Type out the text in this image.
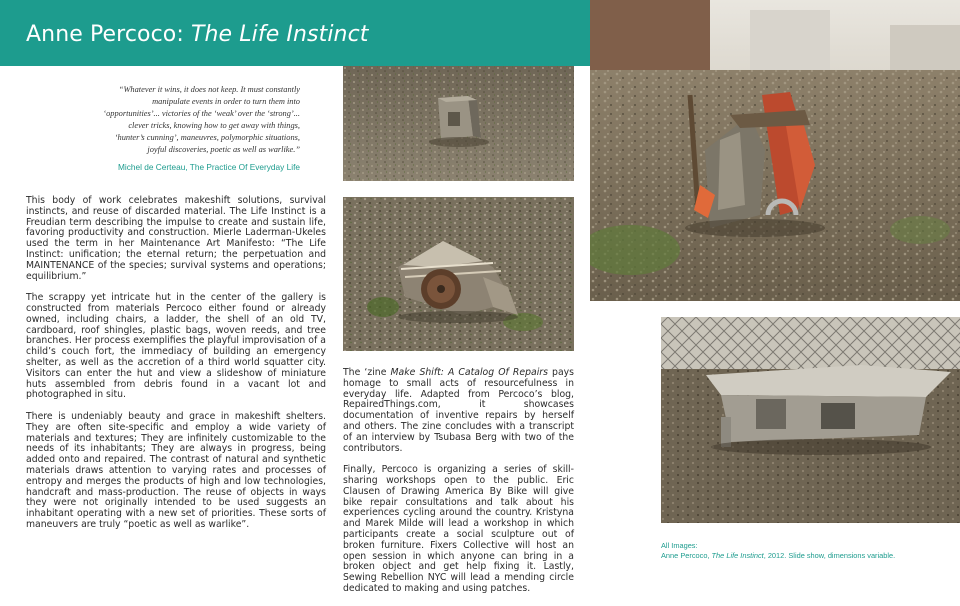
Anne Percoco: The Life Instinct
“Whatever it wins, it does not keep. It must constantly
manipulate events in order to turn them into
‘opportunities’... victories of the ‘weak’ over the ‘strong’...
clever tricks, knowing how to get away with things,
‘hunter’s cunning’, maneuvres, polymorphic situations,
joyful discoveries, poetic as well as warlike.”
Michel de Certeau, The Practice Of Everyday Life

This body of work celebrates makeshift solutions, survival instincts, and reuse of discarded material. The Life Instinct is a Freudian term describing the impulse to create and sustain life, favoring productivity and construction. Mierle Laderman-Ukeles used the term in her Maintenance Art Manifesto: “The Life Instinct: unification; the eternal return; the perpetuation and MAINTENANCE of the species; survival systems and operations; equilibrium.”

The scrappy yet intricate hut in the center of the gallery is constructed from materials Percoco either found or already owned, including chairs, a ladder, the shell of an old TV, cardboard, roof shingles, plastic bags, woven reeds, and tree branches. Her process exemplifies the playful improvisation of a child’s couch fort, the immediacy of building an emergency shelter, as well as the accretion of a third world squatter city. Visitors can enter the hut and view a slideshow of miniature huts assembled from debris found in a vacant lot and photographed in situ.

There is undeniably beauty and grace in makeshift shelters. They are often site-specific and employ a wide variety of materials and textures; They are infinitely customizable to the needs of its inhabitants; They are always in progress, being added onto and repaired. The contrast of natural and synthetic materials draws attention to varying rates and processes of entropy and merges the products of high and low technologies, handcraft and mass-production. The reuse of objects in ways they were not originally intended to be used suggests an inhabitant operating with a new set of priorities. These sorts of maneuvers are truly “poetic as well as warlike”.

The ‘zine Make Shift: A Catalog Of Repairs pays homage to small acts of resourcefulness in everyday life. Adapted from Percoco’s blog, RepairedThings.com, it showcases documentation of inventive repairs by herself and others. The zine concludes with a transcript of an interview by Tsubasa Berg with two of the contributors.

Finally, Percoco is organizing a series of skill-sharing workshops open to the public. Eric Clausen of Drawing America By Bike will give bike repair consultations and talk about his experiences cycling around the country. Kristyna and Marek Milde will lead a workshop in which participants create a social sculpture out of broken furniture. Fixers Collective will host an open session in which anyone can bring in a broken object and get help fixing it. Lastly, Sewing Rebellion NYC will lead a mending circle dedicated to making and using patches.

All Images:
Anne Percoco, The Life Instinct, 2012. Slide show, dimensions variable.
